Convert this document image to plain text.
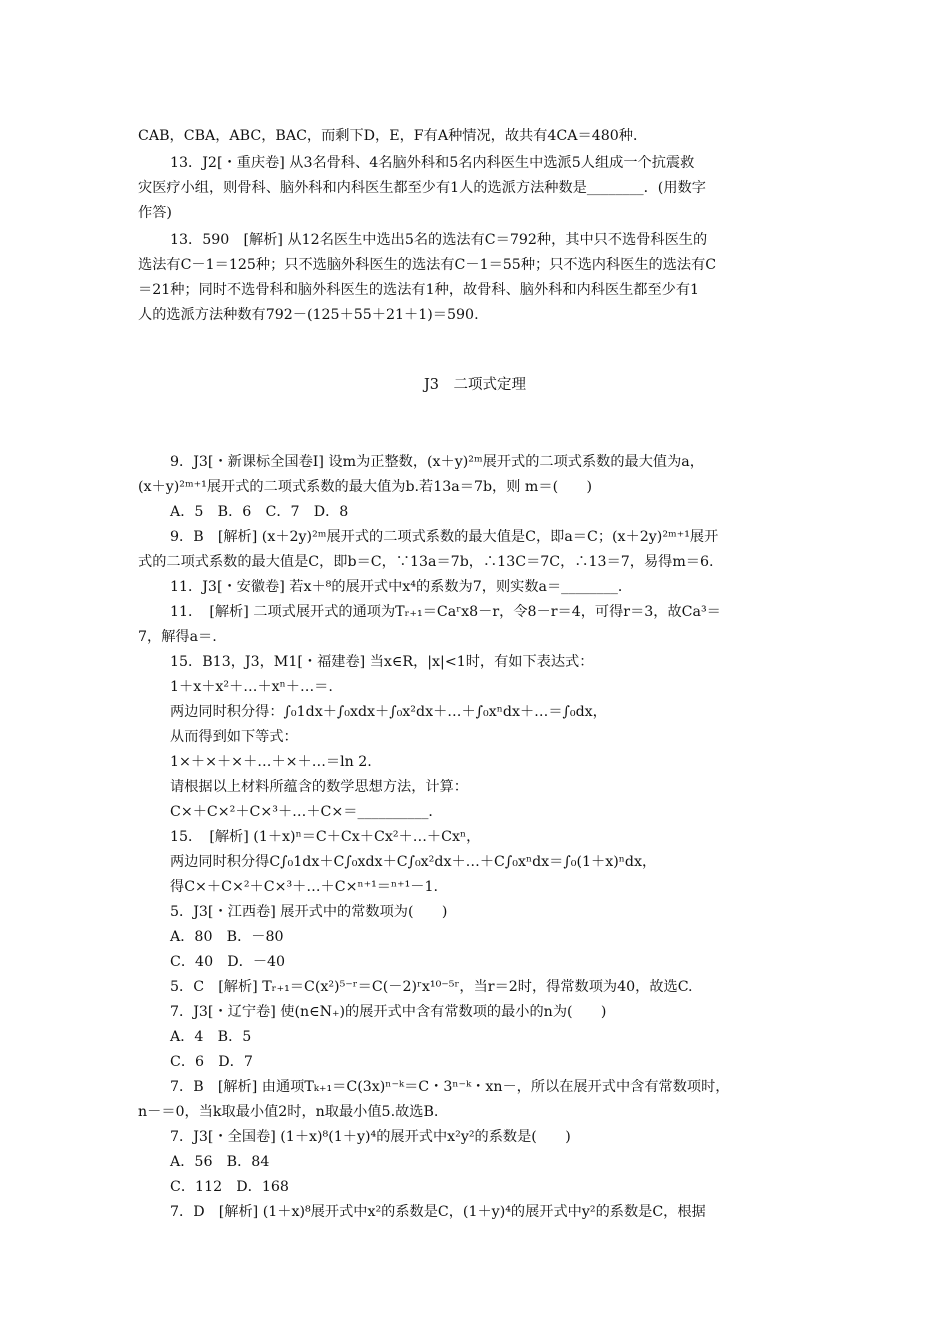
CAB，CBA，ABC，BAC，而剩下D，E，F有A种情况，故共有4CA＝480种．
13．J2[・重庆卷] 从3名骨科、4名脑外科和5名内科医生中选派5人组成一个抗震救
灾医疗小组，则骨科、脑外科和内科医生都至少有1人的选派方法种数是________．(用数字
作答)
13．590　[解析] 从12名医生中选出5名的选法有C＝792种，其中只不选骨科医生的
选法有C－1＝125种；只不选脑外科医生的选法有C－1＝55种；只不选内科医生的选法有C
＝21种；同时不选骨科和脑外科医生的选法有1种，故骨科、脑外科和内科医生都至少有1
人的选派方法种数有792－(125＋55＋21＋1)＝590.
J3　二项式定理
9．J3[・新课标全国卷Ⅰ] 设m为正整数，(x＋y)²ᵐ展开式的二项式系数的最大值为a，
(x＋y)²ᵐ⁺¹展开式的二项式系数的最大值为b.若13a＝7b，则 m＝(　　)
A．5　B．6　C．7　D．8
9．B　[解析] (x＋2y)²ᵐ展开式的二项式系数的最大值是C，即a＝C；(x＋2y)²ᵐ⁺¹展开
式的二项式系数的最大值是C，即b＝C，∵13a＝7b，∴13C＝7C，∴13＝7，易得m＝6.
11．J3[・安徽卷] 若x＋⁸的展开式中x⁴的系数为7，则实数a＝________．
11．　[解析] 二项式展开式的通项为Tᵣ₊₁＝Caʳx8－r，令8－r＝4，可得r＝3，故Ca³＝
7，解得a＝.
15．B13，J3，M1[・福建卷] 当x∈R，|x|<1时，有如下表达式：
1＋x＋x²＋…＋xⁿ＋…＝.
两边同时积分得：∫₀1dx＋∫₀xdx＋∫₀x²dx＋…＋∫₀xⁿdx＋…＝∫₀dx，
从而得到如下等式：
1×＋×＋×＋…＋×＋…＝ln 2.
请根据以上材料所蕴含的数学思想方法，计算：
C×＋C×²＋C×³＋…＋C×＝__________．
15．　[解析] (1＋x)ⁿ＝C＋Cx＋Cx²＋…＋Cxⁿ，
两边同时积分得C∫₀1dx＋C∫₀xdx＋C∫₀x²dx＋…＋C∫₀xⁿdx＝∫₀(1＋x)ⁿdx，
得C×＋C×²＋C×³＋…＋C×ⁿ⁺¹＝ⁿ⁺¹－1.
5．J3[・江西卷] 展开式中的常数项为(　　)
A．80　B．－80
C．40　D．－40
5．C　[解析] Tᵣ₊₁＝C(x²)⁵⁻ʳ＝C(－2)ʳx¹⁰⁻⁵ʳ，当r＝2时，得常数项为40，故选C.
7．J3[・辽宁卷] 使(n∈N₊)的展开式中含有常数项的最小的n为(　　)
A．4　B．5
C．6　D．7
7．B　[解析] 由通项Tₖ₊₁＝C(3x)ⁿ⁻ᵏ＝C・3ⁿ⁻ᵏ・xn－，所以在展开式中含有常数项时，
n－＝0，当k取最小值2时，n取最小值5.故选B.
7．J3[・全国卷] (1＋x)⁸(1＋y)⁴的展开式中x²y²的系数是(　　)
A．56　B．84
C．112　D．168
7．D　[解析] (1＋x)⁸展开式中x²的系数是C，(1＋y)⁴的展开式中y²的系数是C，根据
